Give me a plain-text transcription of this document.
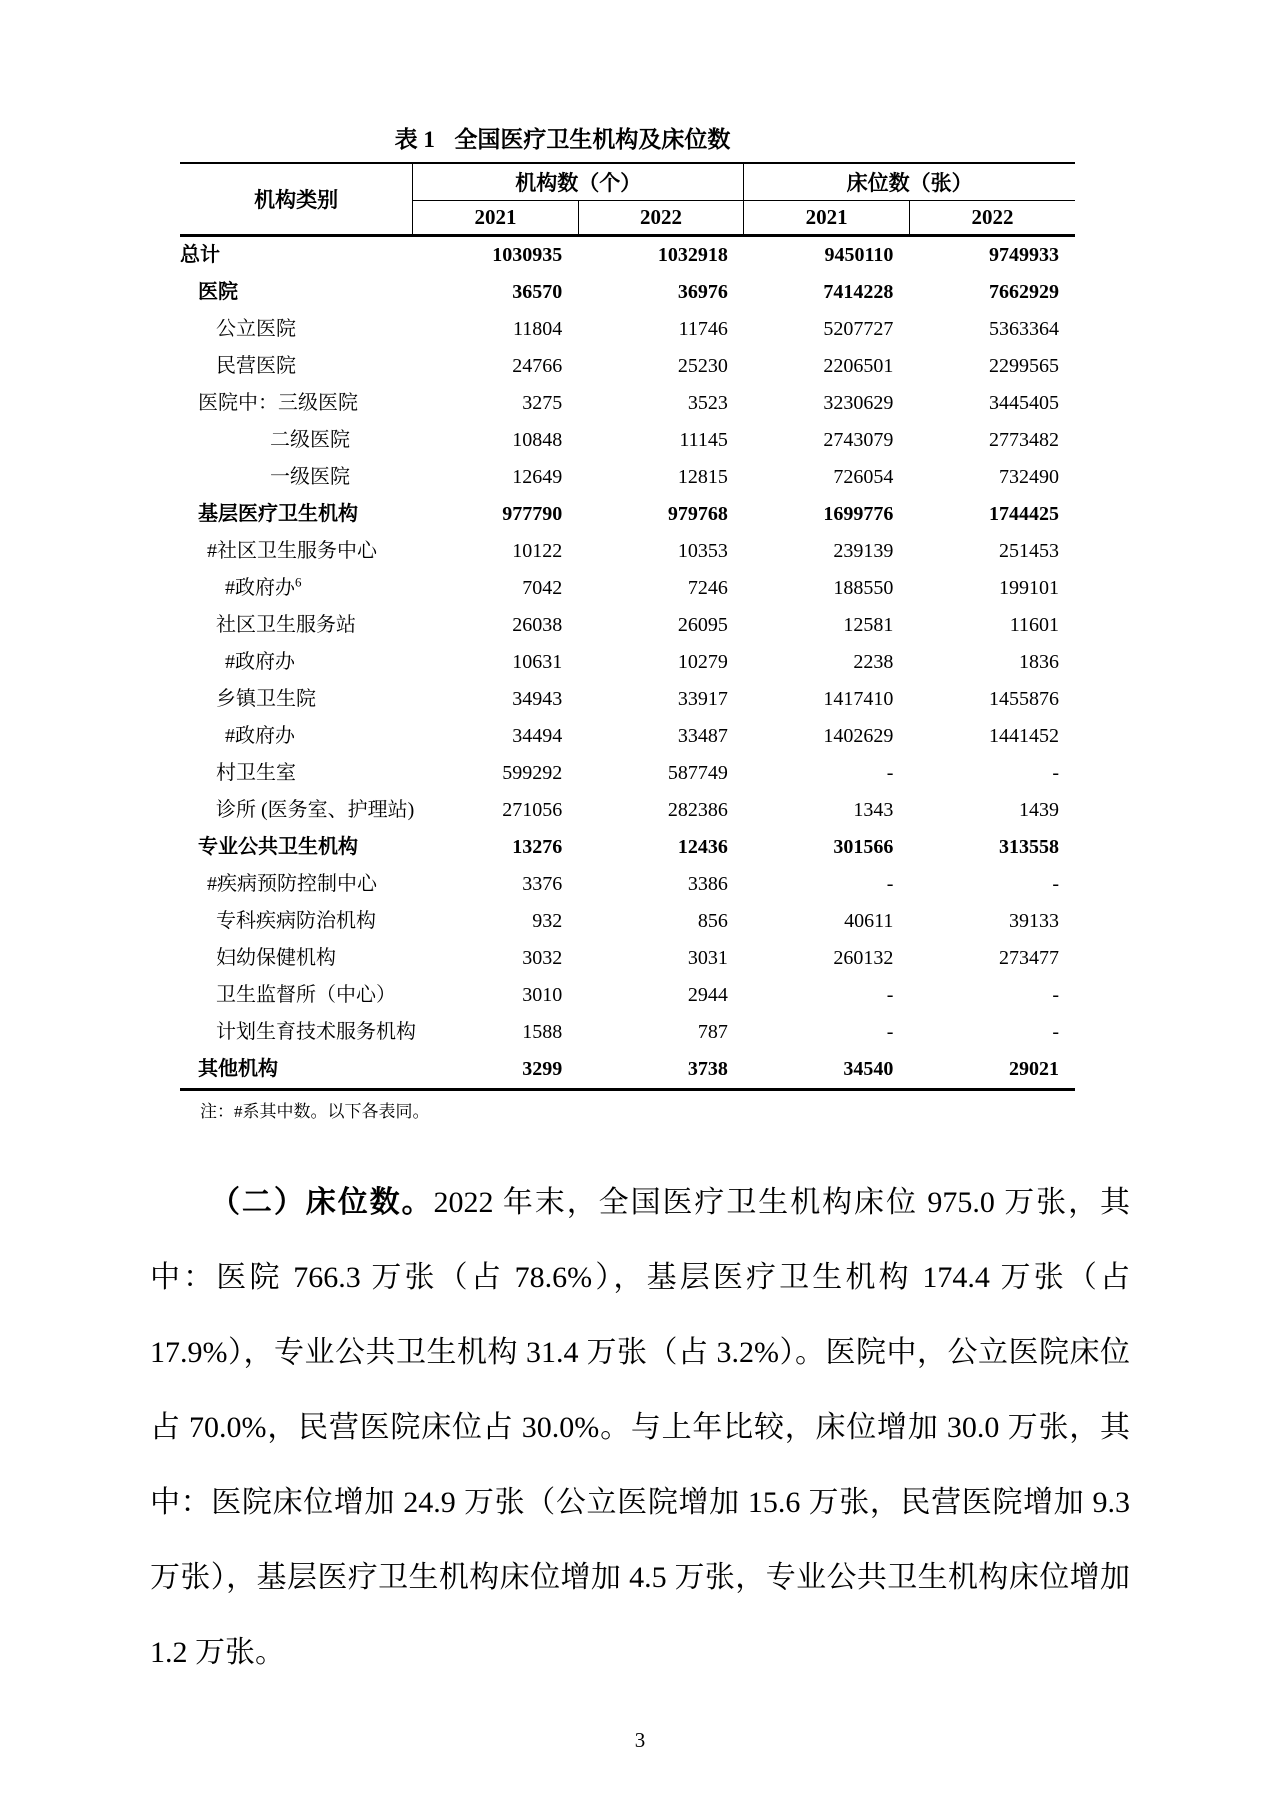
表 1 全国医疗卫生机构及床位数
机构类别	机构数（个）		床位数（张）	
	2021	2022	2021	2022
总计	1030935	1032918	9450110	9749933
医院	36570	36976	7414228	7662929
公立医院	11804	11746	5207727	5363364
民营医院	24766	25230	2206501	2299565
医院中：三级医院	3275	3523	3230629	3445405
二级医院	10848	11145	2743079	2773482
一级医院	12649	12815	726054	732490
基层医疗卫生机构	977790	979768	1699776	1744425
#社区卫生服务中心	10122	10353	239139	251453
#政府办$^6$	7042	7246	188550	199101
社区卫生服务站	26038	26095	12581	11601
#政府办	10631	10279	2238	1836
乡镇卫生院	34943	33917	1417410	1455876
#政府办	34494	33487	1402629	1441452
村卫生室	599292	587749	-	-
诊所 (医务室、护理站)	271056	282386	1343	1439
专业公共卫生机构	13276	12436	301566	313558
#疾病预防控制中心	3376	3386	-	-
专科疾病防治机构	932	856	40611	39133
妇幼保健机构	3032	3031	260132	273477
卫生监督所（中心）	3010	2944	-	-
计划生育技术服务机构	1588	787	-	-
其他机构	3299	3738	34540	29021
注：#系其中数。以下各表同。

（二）床位数。2022 年末，全国医疗卫生机构床位 975.0 万张，其中：医院 766.3 万张（占 78.6%），基层医疗卫生机构 174.4 万张（占 17.9%），专业公共卫生机构 31.4 万张（占 3.2%）。医院中，公立医院床位占 70.0%，民营医院床位占 30.0%。与上年比较，床位增加 30.0 万张，其中：医院床位增加 24.9 万张（公立医院增加 15.6 万张，民营医院增加 9.3 万张），基层医疗卫生机构床位增加 4.5 万张，专业公共卫生机构床位增加 1.2 万张。

3
